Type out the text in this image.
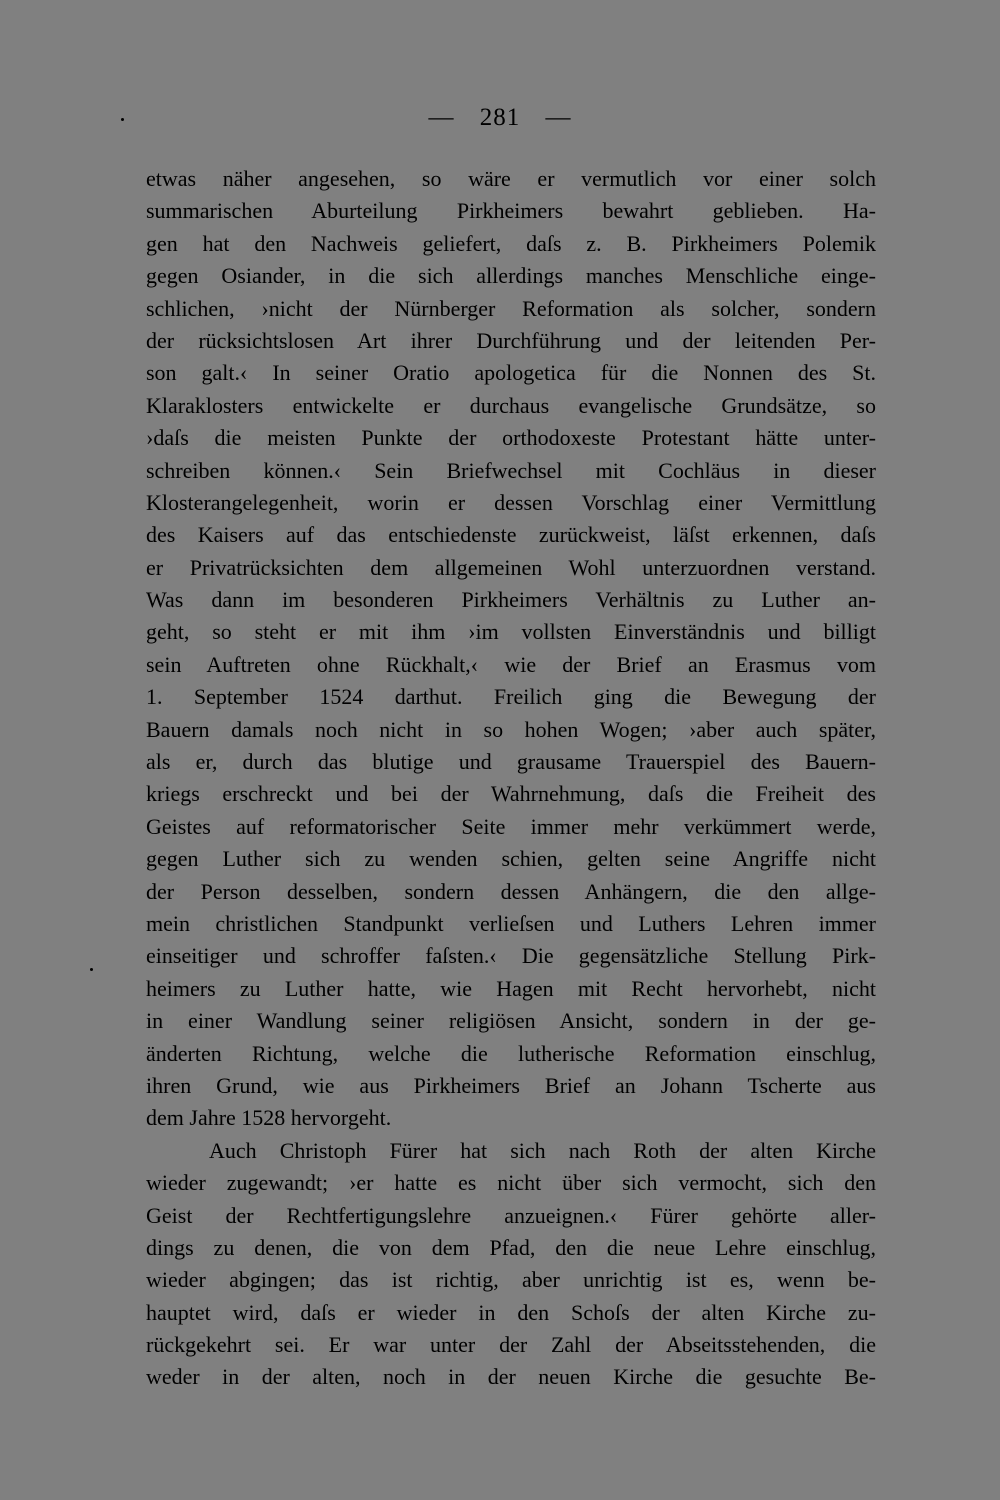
— 281 —
etwas näher angesehen, so wäre er vermutlich vor einer solch
summarischen Aburteilung Pirkheimers bewahrt geblieben. Ha-
gen hat den Nachweis geliefert, daſs z. B. Pirkheimers Polemik
gegen Osiander, in die sich allerdings manches Menschliche einge-
schlichen, ›nicht der Nürnberger Reformation als solcher, sondern
der rücksichtslosen Art ihrer Durchführung und der leitenden Per-
son galt.‹ In seiner Oratio apologetica für die Nonnen des St.
Klaraklosters entwickelte er durchaus evangelische Grundsätze, so
›daſs die meisten Punkte der orthodoxeste Protestant hätte unter-
schreiben können.‹ Sein Briefwechsel mit Cochläus in dieser
Klosterangelegenheit, worin er dessen Vorschlag einer Vermittlung
des Kaisers auf das entschiedenste zurückweist, läſst erkennen, daſs
er Privatrücksichten dem allgemeinen Wohl unterzuordnen verstand.
Was dann im besonderen Pirkheimers Verhältnis zu Luther an-
geht, so steht er mit ihm ›im vollsten Einverständnis und billigt
sein Auftreten ohne Rückhalt,‹ wie der Brief an Erasmus vom
1. September 1524 darthut. Freilich ging die Bewegung der
Bauern damals noch nicht in so hohen Wogen; ›aber auch später,
als er, durch das blutige und grausame Trauerspiel des Bauern-
kriegs erschreckt und bei der Wahrnehmung, daſs die Freiheit des
Geistes auf reformatorischer Seite immer mehr verkümmert werde,
gegen Luther sich zu wenden schien, gelten seine Angriffe nicht
der Person desselben, sondern dessen Anhängern, die den allge-
mein christlichen Standpunkt verlieſsen und Luthers Lehren immer
einseitiger und schroffer faſsten.‹ Die gegensätzliche Stellung Pirk-
heimers zu Luther hatte, wie Hagen mit Recht hervorhebt, nicht
in einer Wandlung seiner religiösen Ansicht, sondern in der ge-
änderten Richtung, welche die lutherische Reformation einschlug,
ihren Grund, wie aus Pirkheimers Brief an Johann Tscherte aus
dem Jahre 1528 hervorgeht.
Auch Christoph Fürer hat sich nach Roth der alten Kirche
wieder zugewandt; ›er hatte es nicht über sich vermocht, sich den
Geist der Rechtfertigungslehre anzueignen.‹ Fürer gehörte aller-
dings zu denen, die von dem Pfad, den die neue Lehre einschlug,
wieder abgingen; das ist richtig, aber unrichtig ist es, wenn be-
hauptet wird, daſs er wieder in den Schoſs der alten Kirche zu-
rückgekehrt sei. Er war unter der Zahl der Abseitsstehenden, die
weder in der alten, noch in der neuen Kirche die gesuchte Be-
